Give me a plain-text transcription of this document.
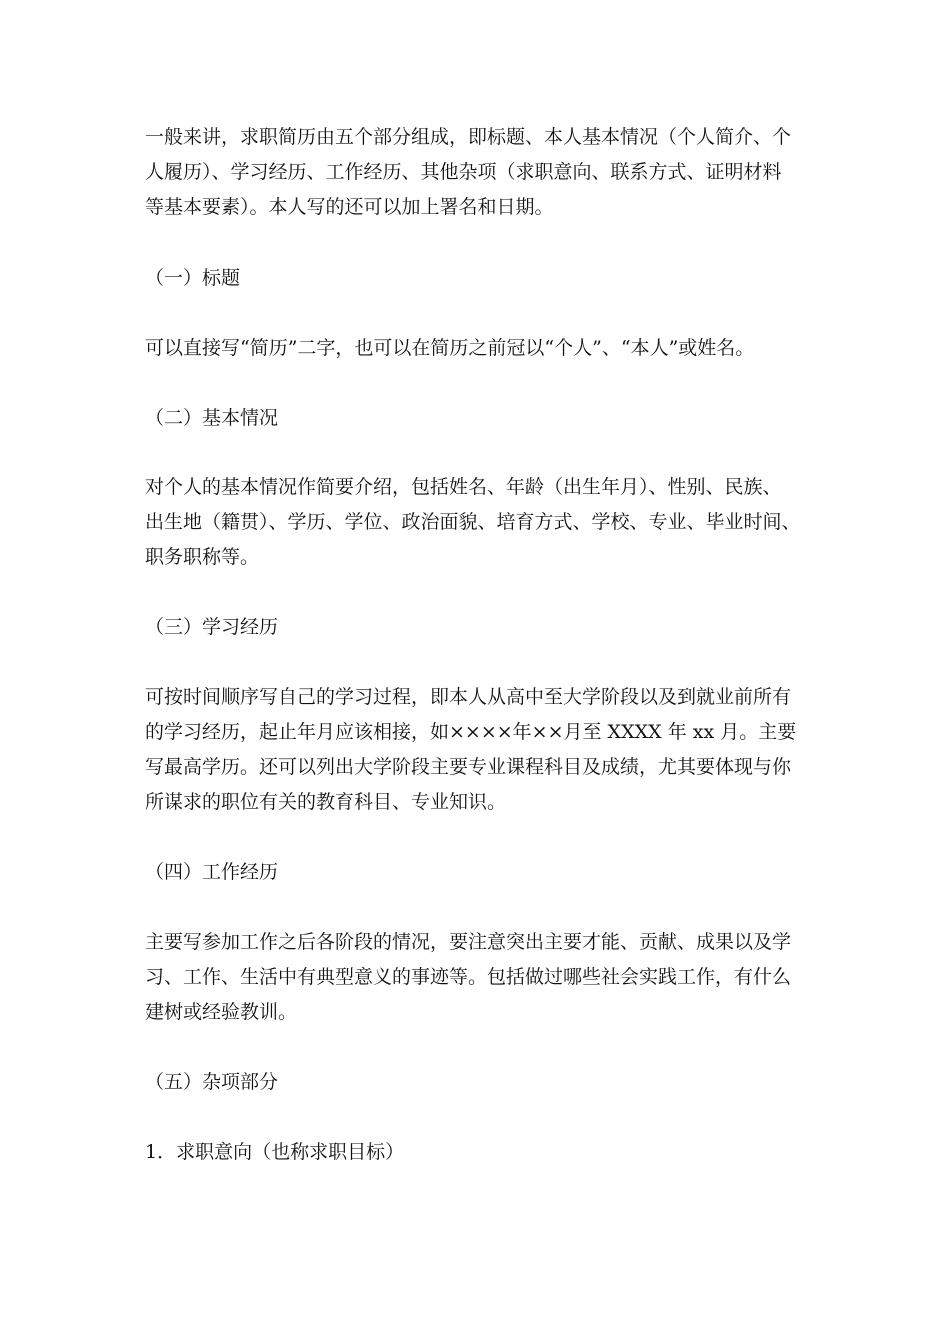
一般来讲，求职简历由五个部分组成，即标题、本人基本情况（个人简介、个

人履历）、学习经历、工作经历、其他杂项（求职意向、联系方式、证明材料

等基本要素）。本人写的还可以加上署名和日期。

（一）标题

可以直接写“简历”二字，也可以在简历之前冠以“个人”、“本人”或姓名。

（二）基本情况

对个人的基本情况作简要介绍，包括姓名、年龄（出生年月）、性别、民族、

出生地（籍贯）、学历、学位、政治面貌、培育方式、学校、专业、毕业时间、

职务职称等。

（三）学习经历

可按时间顺序写自己的学习过程，即本人从高中至大学阶段以及到就业前所有

的学习经历，起止年月应该相接，如××××年××月至 XXXX 年 xx 月。主要

写最高学历。还可以列出大学阶段主要专业课程科目及成绩，尤其要体现与你

所谋求的职位有关的教育科目、专业知识。

（四）工作经历

主要写参加工作之后各阶段的情况，要注意突出主要才能、贡献、成果以及学

习、工作、生活中有典型意义的事迹等。包括做过哪些社会实践工作，有什么

建树或经验教训。

（五）杂项部分

1．求职意向（也称求职目标）
